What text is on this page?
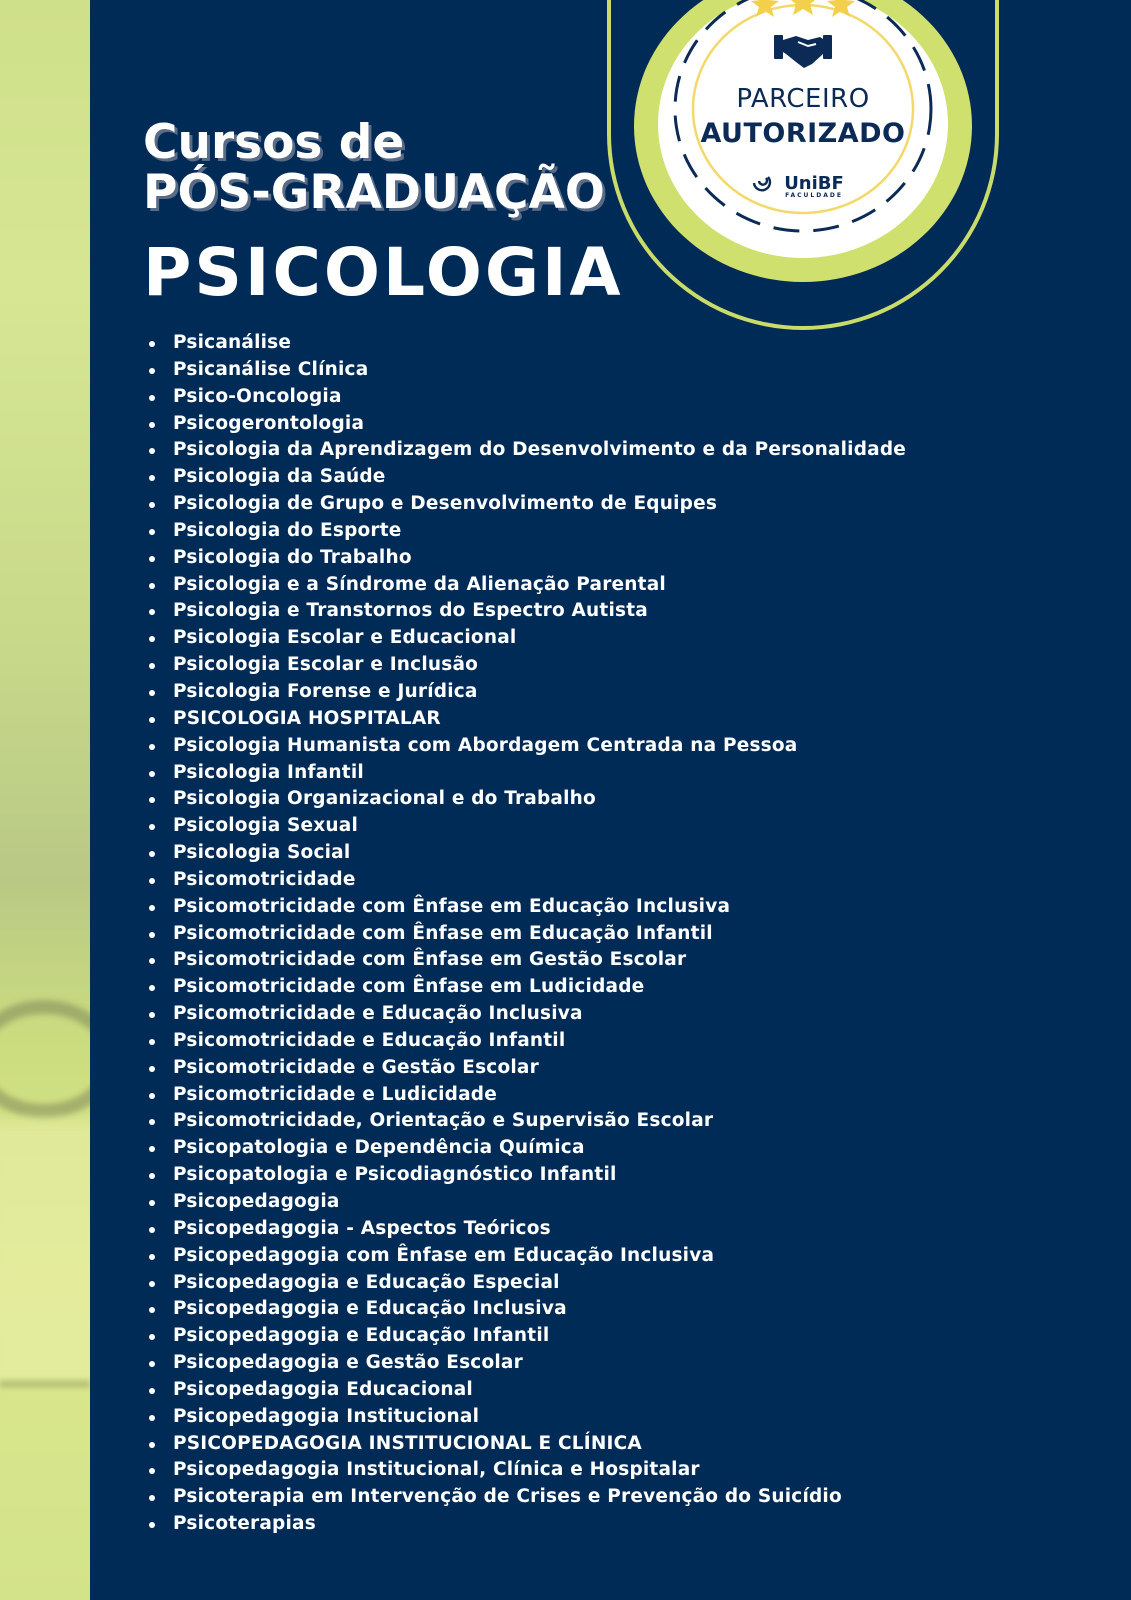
PARCEIRO
AUTORIZADO
UniBF
FACULDADE
Cursos de
PÓS-GRADUAÇÃO
PSICOLOGIA
Psicanálise
Psicanálise Clínica
Psico-Oncologia
Psicogerontologia
Psicologia da Aprendizagem do Desenvolvimento e da Personalidade
Psicologia da Saúde
Psicologia de Grupo e Desenvolvimento de Equipes
Psicologia do Esporte
Psicologia do Trabalho
Psicologia e a Síndrome da Alienação Parental
Psicologia e Transtornos do Espectro Autista
Psicologia Escolar e Educacional
Psicologia Escolar e Inclusão
Psicologia Forense e Jurídica
PSICOLOGIA HOSPITALAR
Psicologia Humanista com Abordagem Centrada na Pessoa
Psicologia Infantil
Psicologia Organizacional e do Trabalho
Psicologia Sexual
Psicologia Social
Psicomotricidade
Psicomotricidade com Ênfase em Educação Inclusiva
Psicomotricidade com Ênfase em Educação Infantil
Psicomotricidade com Ênfase em Gestão Escolar
Psicomotricidade com Ênfase em Ludicidade
Psicomotricidade e Educação Inclusiva
Psicomotricidade e Educação Infantil
Psicomotricidade e Gestão Escolar
Psicomotricidade e Ludicidade
Psicomotricidade, Orientação e Supervisão Escolar
Psicopatologia e Dependência Química
Psicopatologia e Psicodiagnóstico Infantil
Psicopedagogia
Psicopedagogia - Aspectos Teóricos
Psicopedagogia com Ênfase em Educação Inclusiva
Psicopedagogia e Educação Especial
Psicopedagogia e Educação Inclusiva
Psicopedagogia e Educação Infantil
Psicopedagogia e Gestão Escolar
Psicopedagogia Educacional
Psicopedagogia Institucional
PSICOPEDAGOGIA INSTITUCIONAL E CLÍNICA
Psicopedagogia Institucional, Clínica e Hospitalar
Psicoterapia em Intervenção de Crises e Prevenção do Suicídio
Psicoterapias
